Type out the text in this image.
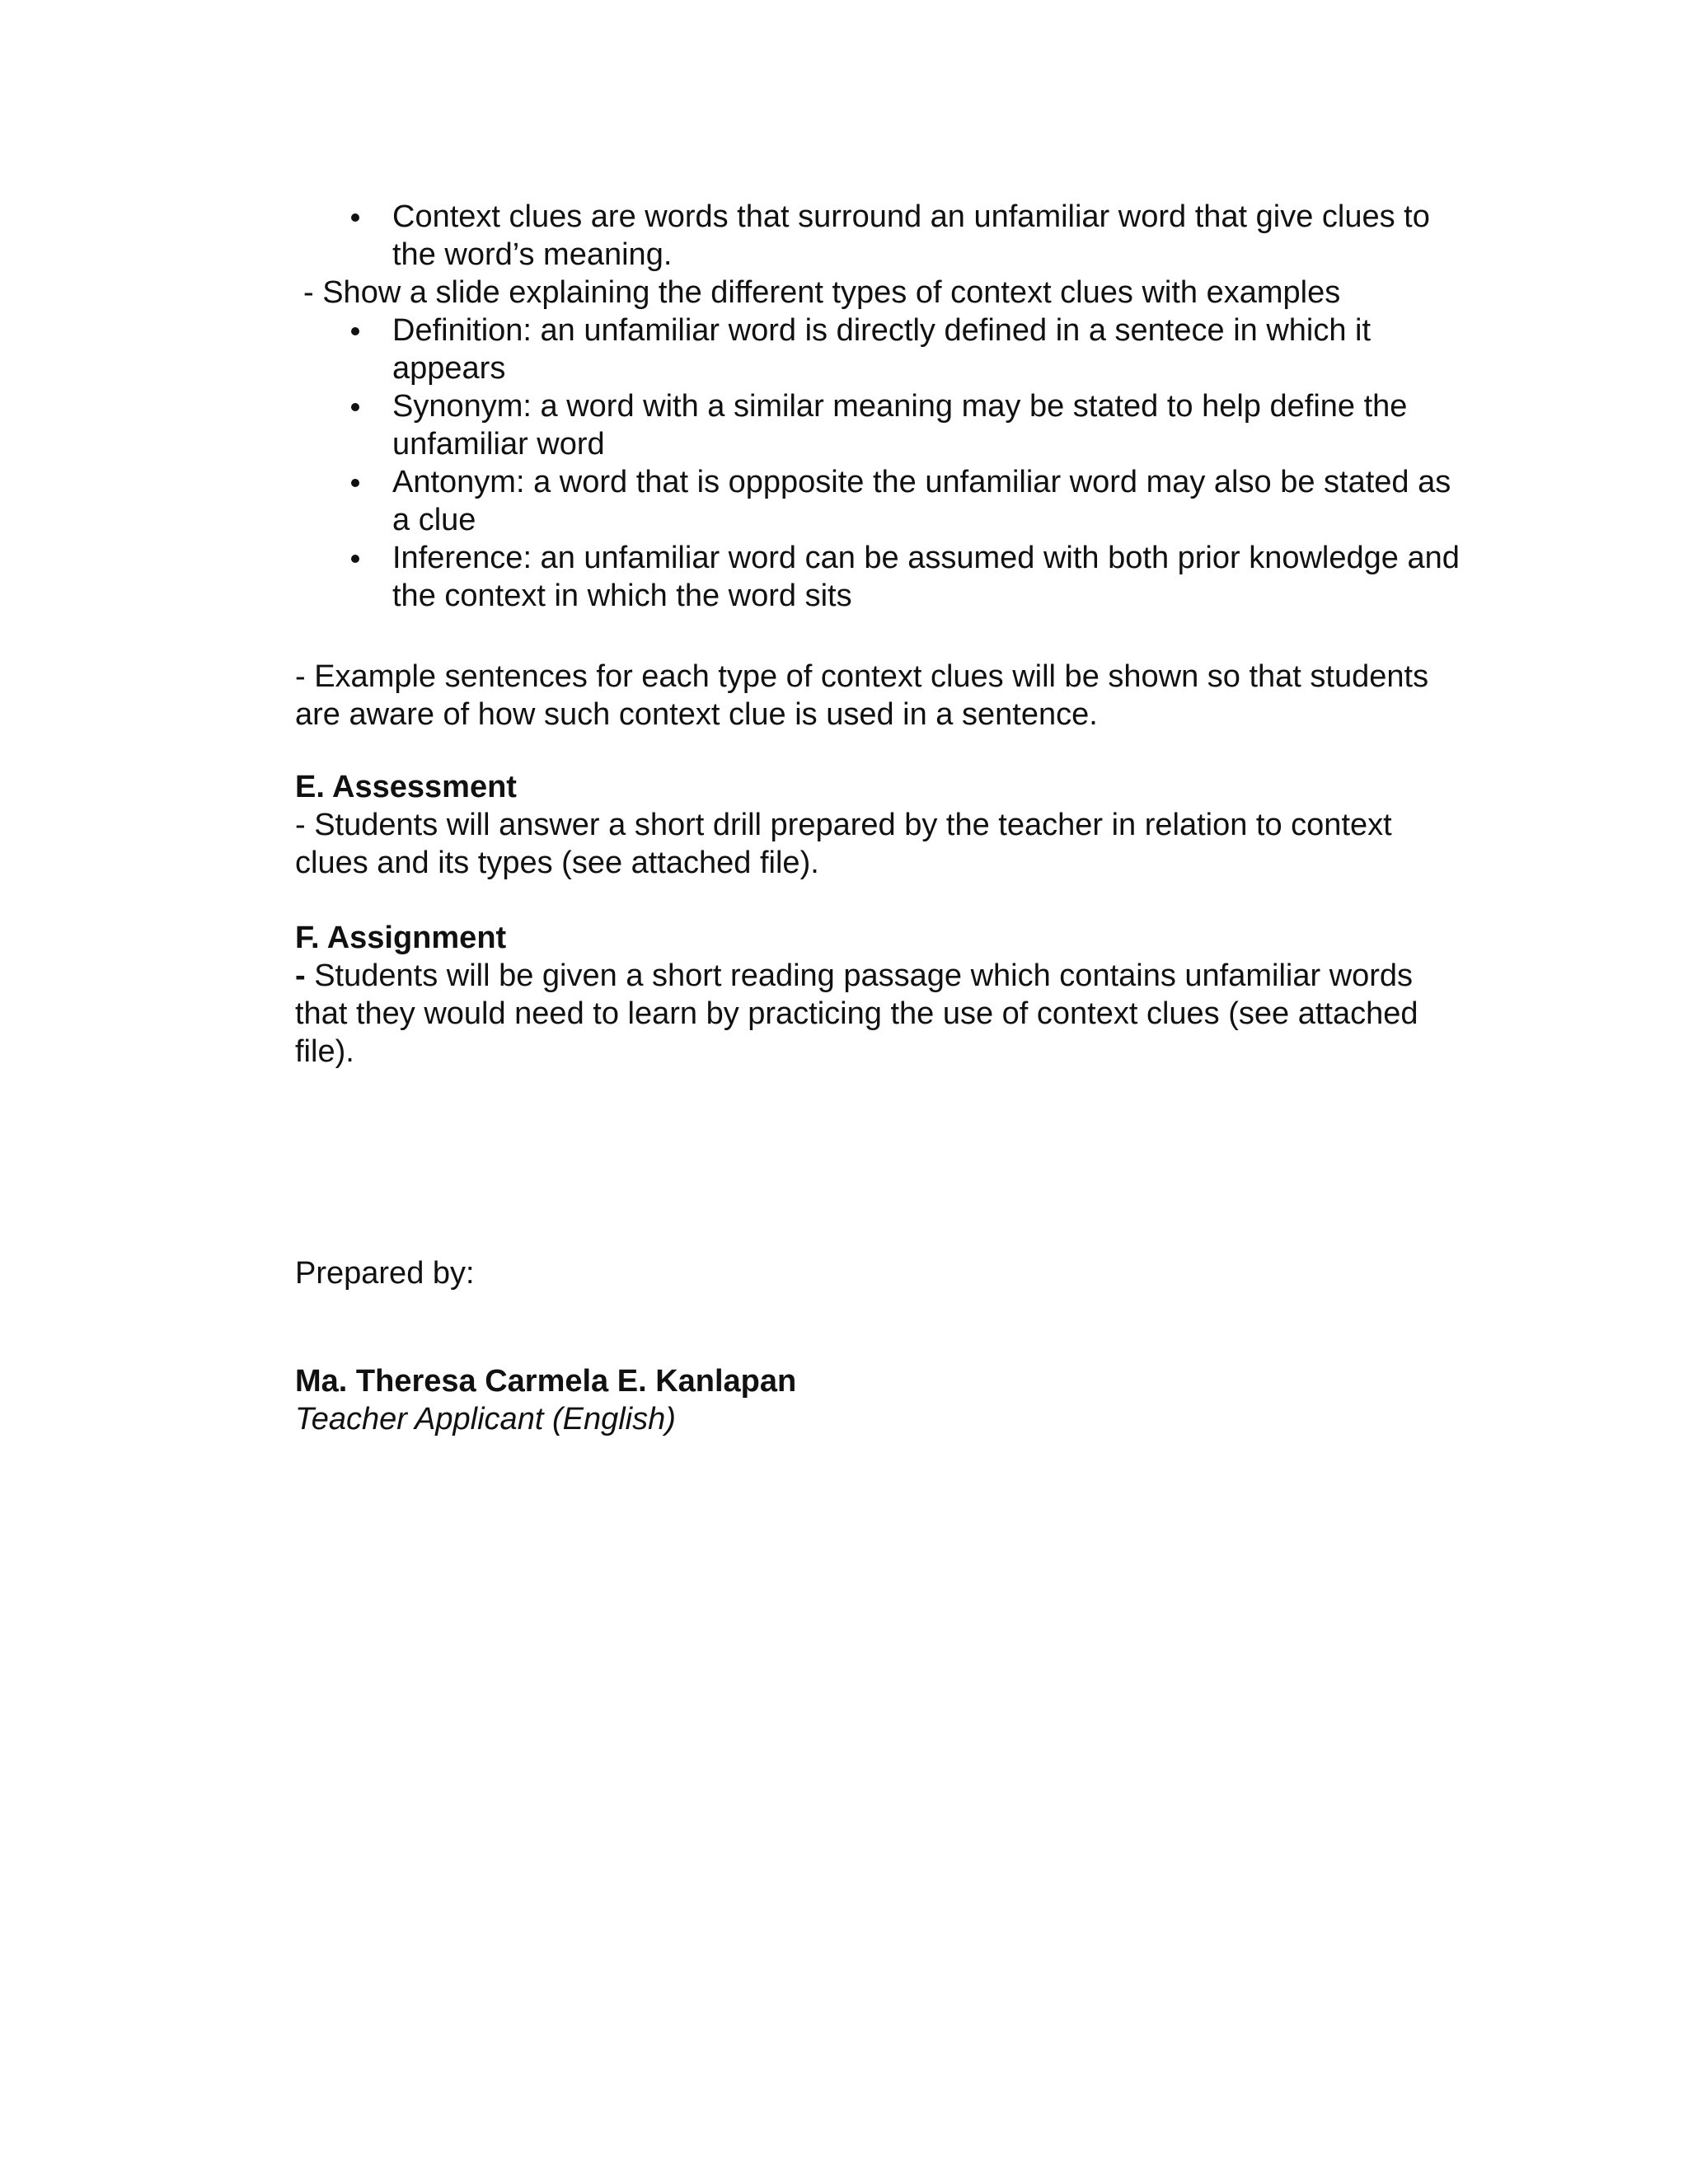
Context clues are words that surround an unfamiliar word that give clues to the word’s meaning.

- Show a slide explaining the different types of context clues with examples

Definition: an unfamiliar word is directly defined in a sentece in which it appears
Synonym: a word with a similar meaning may be stated to help define the unfamiliar word
Antonym: a word that is oppposite the unfamiliar word may also be stated as a clue
Inference: an unfamiliar word can be assumed with both prior knowledge and the context in which the word sits

- Example sentences for each type of context clues will be shown so that students are aware of how such context clue is used in a sentence.

E. Assessment

- Students will answer a short drill prepared by the teacher in relation to context clues and its types (see attached file).

F. Assignment

- Students will be given a short reading passage which contains unfamiliar words that they would need to learn by practicing the use of context clues (see attached file).

Prepared by:

Ma. Theresa Carmela E. Kanlapan

Teacher Applicant (English)
